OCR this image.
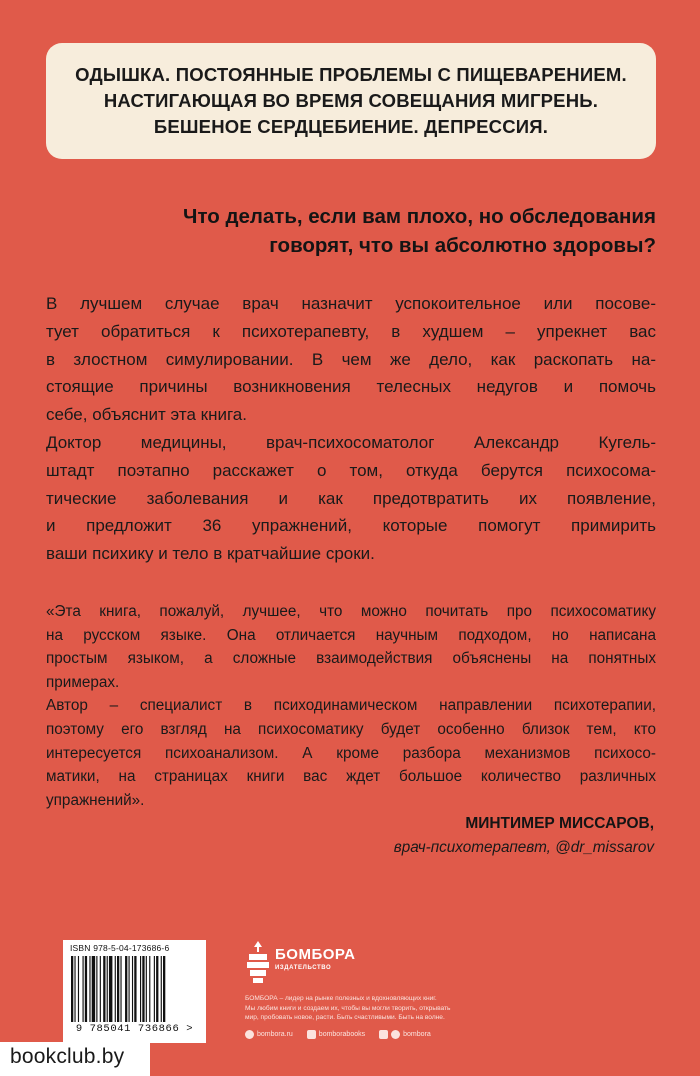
ОДЫШКА. ПОСТОЯННЫЕ ПРОБЛЕМЫ С ПИЩЕВАРЕНИЕМ.
НАСТИГАЮЩАЯ ВО ВРЕМЯ СОВЕЩАНИЯ МИГРЕНЬ.
БЕШЕНОЕ СЕРДЦЕБИЕНИЕ. ДЕПРЕССИЯ.
Что делать, если вам плохо, но обследования
говорят, что вы абсолютно здоровы?
В лучшем случае врач назначит успокоительное или посове-
тует обратиться к психотерапевту, в худшем – упрекнет вас
в злостном симулировании. В чем же дело, как раскопать на-
стоящие причины возникновения телесных недугов и помочь
себе, объяснит эта книга.
Доктор медицины, врач-психосоматолог Александр Кугель-
штадт поэтапно расскажет о том, откуда берутся психосома-
тические заболевания и как предотвратить их появление,
и предложит 36 упражнений, которые помогут примирить
ваши психику и тело в кратчайшие сроки.
«Эта книга, пожалуй, лучшее, что можно почитать про психосоматику
на русском языке. Она отличается научным подходом, но написана
простым языком, а сложные взаимодействия объяснены на понятных
примерах.
Автор – специалист в психодинамическом направлении психотерапии,
поэтому его взгляд на психосоматику будет особенно близок тем, кто
интересуется психоанализом. А кроме разбора механизмов психосо-
матики, на страницах книги вас ждет большое количество различных
упражнений».
МИНТИМЕР МИССАРОВ,
врач-психотерапевт, @dr_missarov
ISBN 978-5-04-173686-6
9 785041 736866 >
БОМБОРА
ИЗДАТЕЛЬСТВО
БОМБОРА – лидер на рынке полезных и вдохновляющих книг.
Мы любим книги и создаем их, чтобы вы могли творить, открывать
мир, пробовать новое, расти. Быть счастливыми. Быть на волне.
bombora.ru	bomborabooks	bombora
bookclub.by
